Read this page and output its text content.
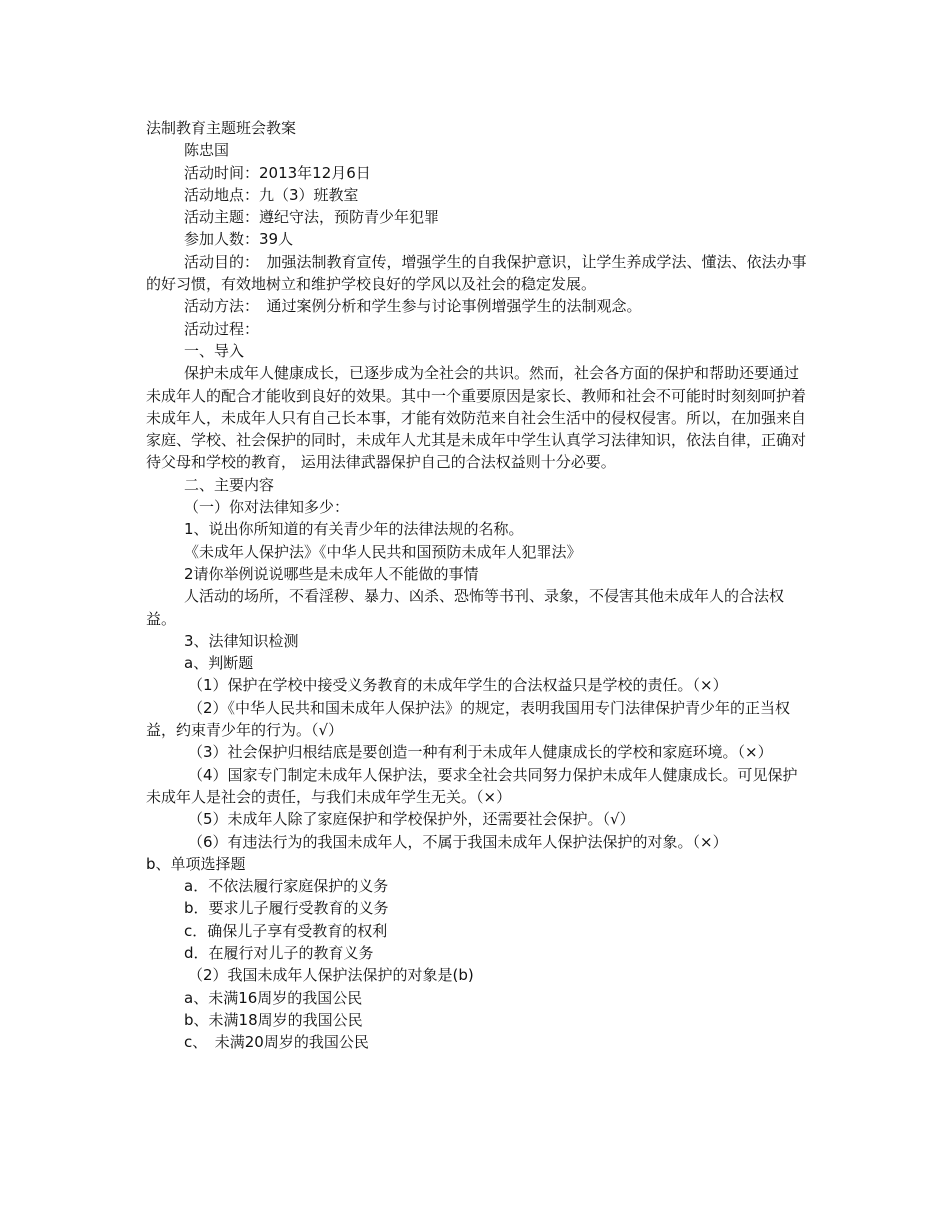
法制教育主题班会教案

陈忠国

活动时间：2013年12月6日

活动地点：九（3）班教室

活动主题：遵纪守法，预防青少年犯罪

参加人数：39人

活动目的：　加强法制教育宣传，增强学生的自我保护意识，让学生养成学法、懂法、依法办事的好习惯，有效地树立和维护学校良好的学风以及社会的稳定发展。

活动方法：　通过案例分析和学生参与讨论事例增强学生的法制观念。

活动过程：

一、导入

保护未成年人健康成长，已逐步成为全社会的共识。然而，社会各方面的保护和帮助还要通过未成年人的配合才能收到良好的效果。其中一个重要原因是家长、教师和社会不可能时时刻刻呵护着未成年人，未成年人只有自己长本事，才能有效防范来自社会生活中的侵权侵害。所以，在加强来自家庭、学校、社会保护的同时，未成年人尤其是未成年中学生认真学习法律知识，依法自律，正确对待父母和学校的教育， 运用法律武器保护自己的合法权益则十分必要。

二、主要内容

（一）你对法律知多少：

1、说出你所知道的有关青少年的法律法规的名称。

《未成年人保护法》《中华人民共和国预防未成年人犯罪法》

2请你举例说说哪些是未成年人不能做的事情

人活动的场所，不看淫秽、暴力、凶杀、恐怖等书刊、录象，不侵害其他未成年人的合法权益。

3、法律知识检测

a、判断题

（1）保护在学校中接受义务教育的未成年学生的合法权益只是学校的责任。（×）

（2）《中华人民共和国未成年人保护法》的规定，表明我国用专门法律保护青少年的正当权益，约束青少年的行为。（√）

（3）社会保护归根结底是要创造一种有利于未成年人健康成长的学校和家庭环境。（×）

（4）国家专门制定未成年人保护法，要求全社会共同努力保护未成年人健康成长。可见保护未成年人是社会的责任，与我们未成年学生无关。（×）

（5）未成年人除了家庭保护和学校保护外，还需要社会保护。（√）

（6）有违法行为的我国未成年人，不属于我国未成年人保护法保护的对象。（×）

b、单项选择题

a．不依法履行家庭保护的义务

b．要求儿子履行受教育的义务

c．确保儿子享有受教育的权利

d．在履行对儿子的教育义务

（2）我国未成年人保护法保护的对象是(b)

a、未满16周岁的我国公民

b、未满18周岁的我国公民

c、　未满20周岁的我国公民
